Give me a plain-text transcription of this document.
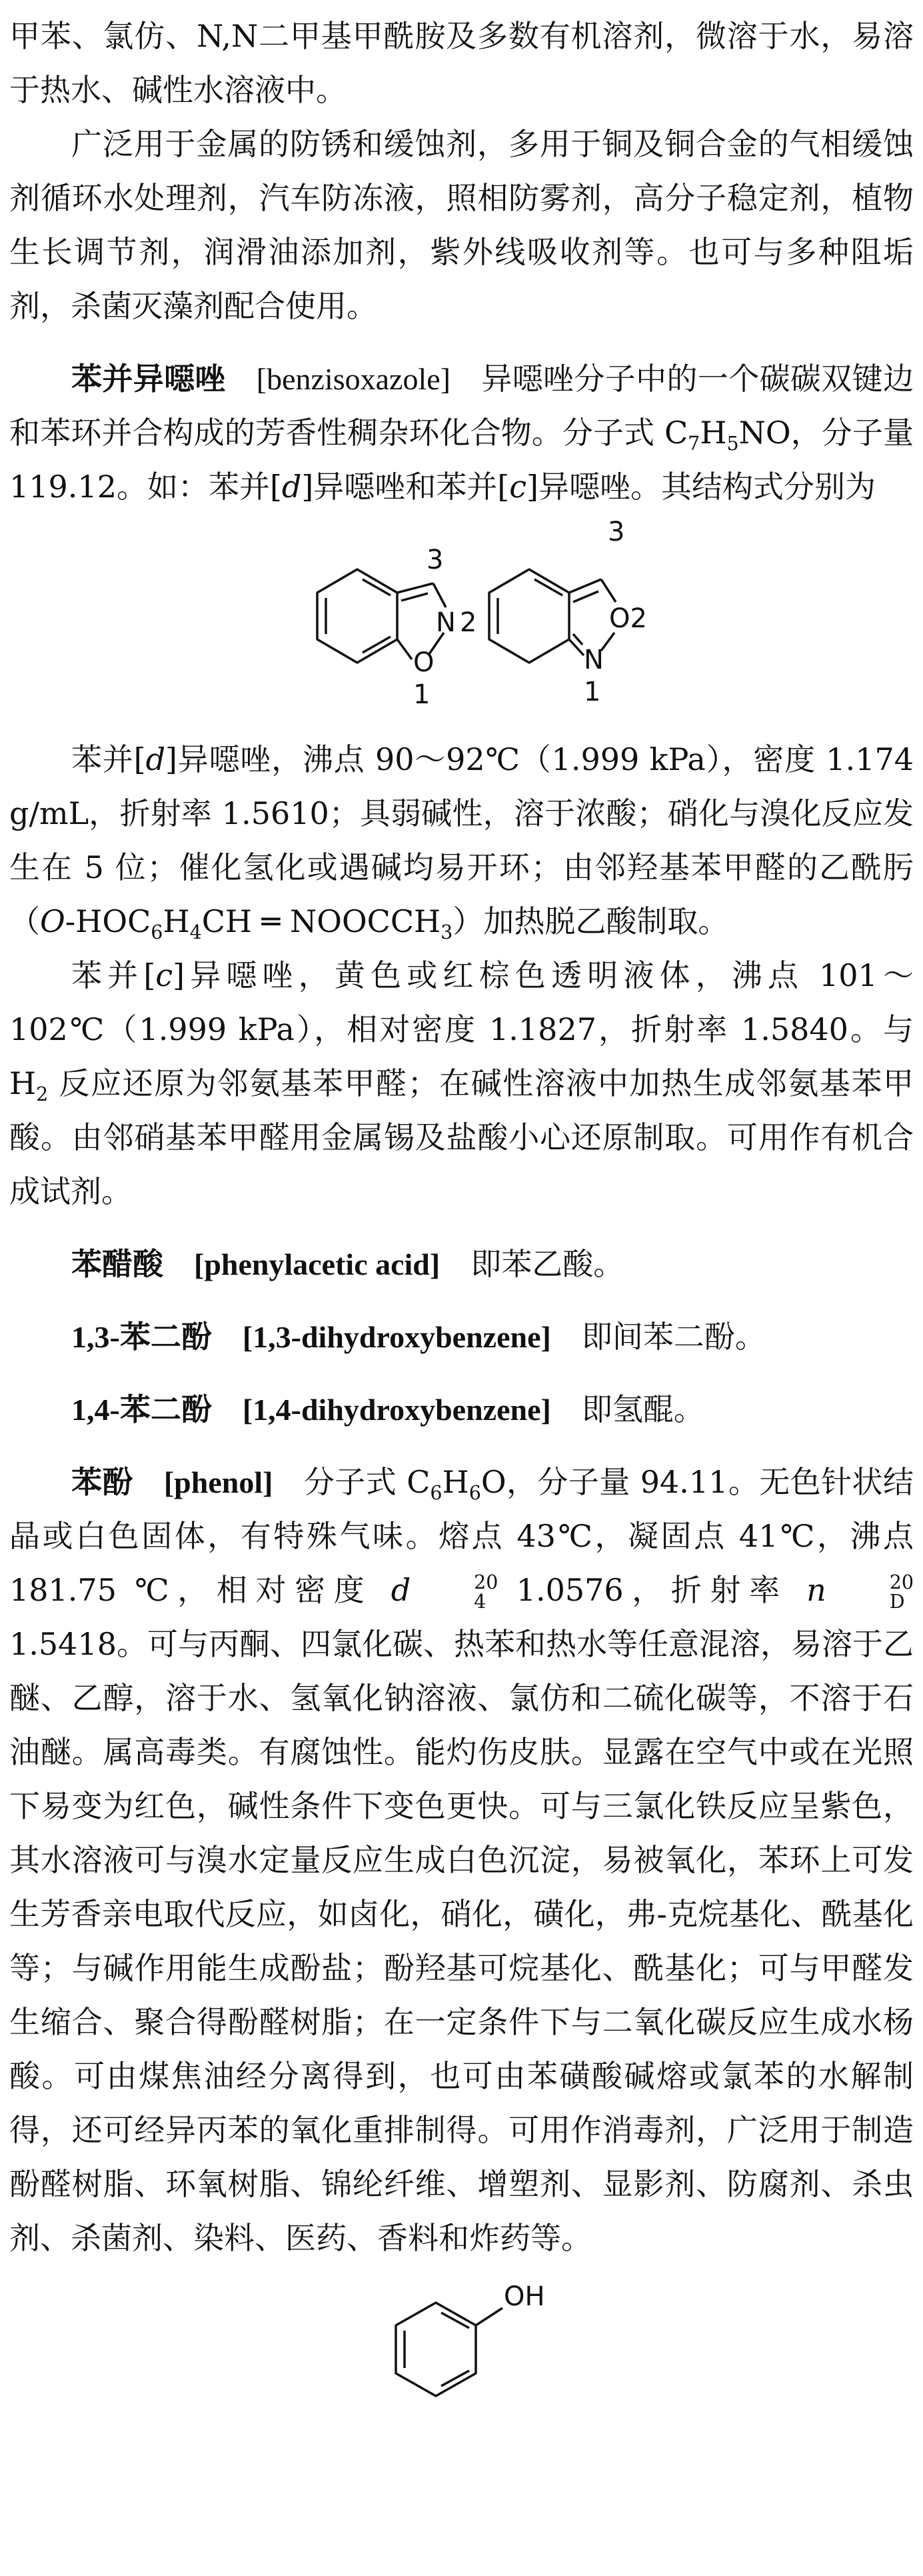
甲苯、氯仿、N,N二甲基甲酰胺及多数有机溶剂，微溶于水，易溶于热水、碱性水溶液中。

广泛用于金属的防锈和缓蚀剂，多用于铜及铜合金的气相缓蚀剂循环水处理剂，汽车防冻液，照相防雾剂，高分子稳定剂，植物生长调节剂，润滑油添加剂，紫外线吸收剂等。也可与多种阻垢剂，杀菌灭藻剂配合使用。

苯并异噁唑 [benzisoxazole] 异噁唑分子中的一个碳碳双键边和苯环并合构成的芳香性稠杂环化合物。分子式 $C_7H_5NO$，分子量 119.12。如：苯并[d]异噁唑和苯并[c]异噁唑。其结构式分别为

3
N 2
O
1
3
O2
N
1

苯并[d]异噁唑，沸点 90～92℃（1.999 kPa），密度 1.174 g/mL，折射率 1.5610；具弱碱性，溶于浓酸；硝化与溴化反应发生在 5 位；催化氢化或遇碱均易开环；由邻羟基苯甲醛的乙酰肟（$O-HOC_6H_4CH$ ═ $NOOCCH_3$）加热脱乙酸制取。

苯并[c]异噁唑，黄色或红棕色透明液体，沸点 101～102℃（1.999 kPa），相对密度 1.1827，折射率 1.5840。与 $H_2$ 反应还原为邻氨基苯甲醛；在碱性溶液中加热生成邻氨基苯甲酸。由邻硝基苯甲醛用金属锡及盐酸小心还原制取。可用作有机合成试剂。

苯醋酸 [phenylacetic acid] 即苯乙酸。

1,3-苯二酚 [1,3-dihydroxybenzene] 即间苯二酚。

1,4-苯二酚 [1,4-dihydroxybenzene] 即氢醌。

苯酚 [phenol] 分子式 $C_6H_6O$，分子量 94.11。无色针状结晶或白色固体，有特殊气味。熔点 43℃，凝固点 41℃，沸点 181.75 ℃，相对密度 d	20
4 1.0576，折射率 n	20
D
1.5418。可与丙酮、四氯化碳、热苯和热水等任意混溶，易溶于乙醚、乙醇，溶于水、氢氧化钠溶液、氯仿和二硫化碳等，不溶于石油醚。属高毒类。有腐蚀性。能灼伤皮肤。显露在空气中或在光照下易变为红色，碱性条件下变色更快。可与三氯化铁反应呈紫色，其水溶液可与溴水定量反应生成白色沉淀，易被氧化，苯环上可发生芳香亲电取代反应，如卤化，硝化，磺化，弗-克烷基化、酰基化等；与碱作用能生成酚盐；酚羟基可烷基化、酰基化；可与甲醛发生缩合、聚合得酚醛树脂；在一定条件下与二氧化碳反应生成水杨酸。可由煤焦油经分离得到，也可由苯磺酸碱熔或氯苯的水解制得，还可经异丙苯的氧化重排制得。可用作消毒剂，广泛用于制造酚醛树脂、环氧树脂、锦纶纤维、增塑剂、显影剂、防腐剂、杀虫剂、杀菌剂、染料、医药、香料和炸药等。

OH
